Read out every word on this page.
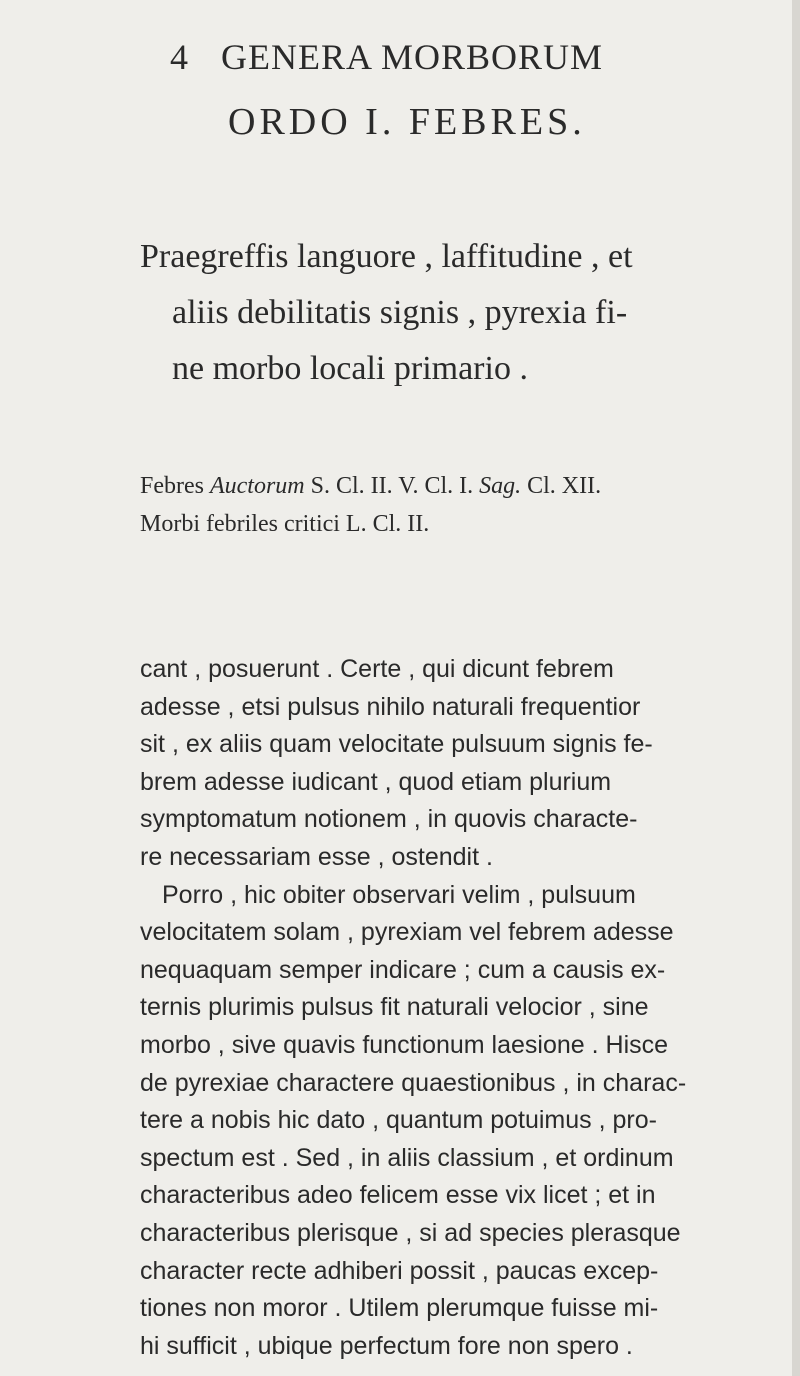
4 GENERA MORBORUM
ORDO I. FEBRES.
Praegreffis languore , laffitudine , et
aliis debilitatis signis , pyrexia fi-
ne morbo locali primario .
Febres Auctorum S. Cl. II. V. Cl. I. Sag. Cl. XII.
Morbi febriles critici L. Cl. II.
cant , posuerunt . Certe , qui dicunt febrem
adesse , etsi pulsus nihilo naturali frequentior
sit , ex aliis quam velocitate pulsuum signis fe-
brem adesse iudicant , quod etiam plurium
symptomatum notionem , in quovis characte-
re necessariam esse , ostendit .
Porro , hic obiter observari velim , pulsuum
velocitatem solam , pyrexiam vel febrem adesse
nequaquam semper indicare ; cum a causis ex-
ternis plurimis pulsus fit naturali velocior , sine
morbo , sive quavis functionum laesione . Hisce
de pyrexiae charactere quaestionibus , in charac-
tere a nobis hic dato , quantum potuimus , pro-
spectum est . Sed , in aliis classium , et ordinum
characteribus adeo felicem esse vix licet ; et in
characteribus plerisque , si ad species plerasque
character recte adhiberi possit , paucas excep-
tiones non moror . Utilem plerumque fuisse mi-
hi sufficit , ubique perfectum fore non spero .
